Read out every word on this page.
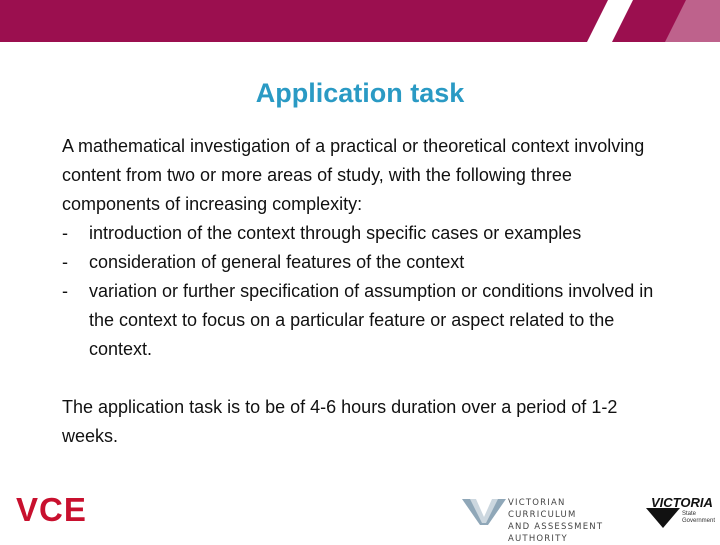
Application task

A mathematical investigation of a practical or theoretical context involving content from two or more areas of study, with the following three components of increasing complexity:

- introduction of the context through specific cases or examples
- consideration of general features of the context
- variation or further specification of assumption or conditions involved in the context to focus on a particular feature or aspect related to the context.

The application task is to be of 4-6 hours duration over a period of 1-2 weeks.

VCE	VICTORIAN CURRICULUM
AND ASSESSMENT AUTHORITY
VICTORIA
State
Government
